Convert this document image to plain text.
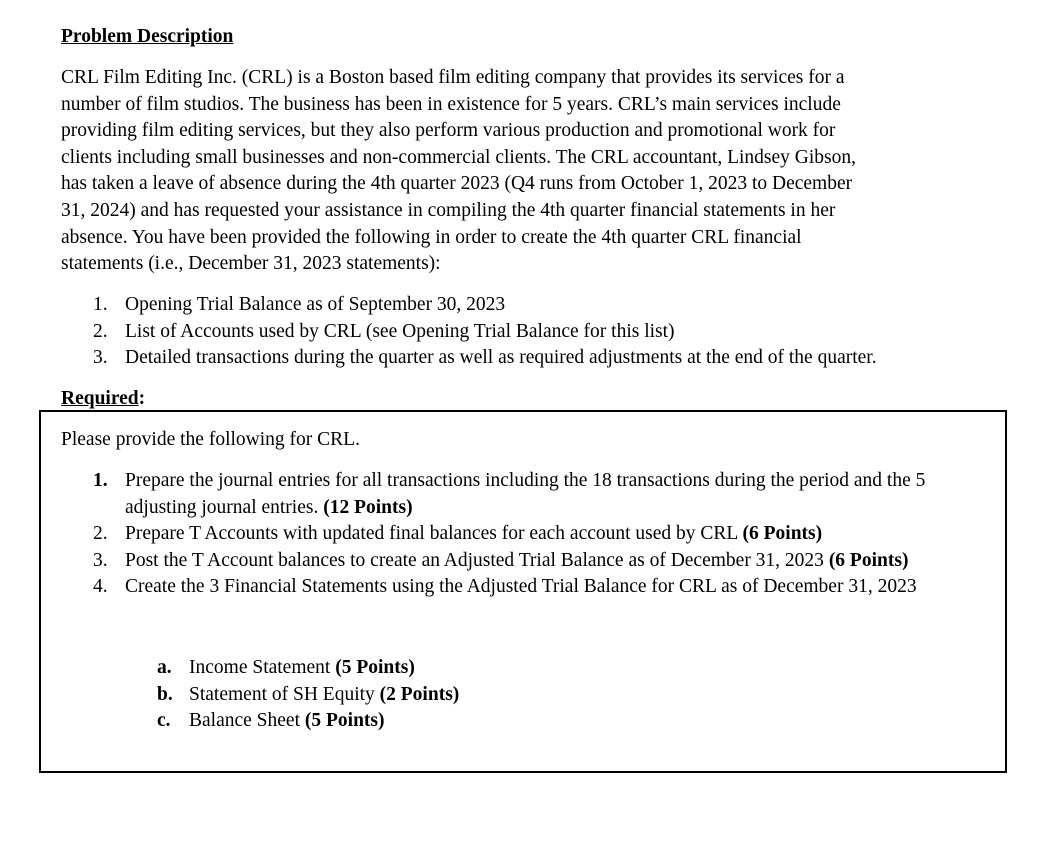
Problem Description
CRL Film Editing Inc. (CRL) is a Boston based film editing company that provides its services for a
number of film studios. The business has been in existence for 5 years. CRL’s main services include
providing film editing services, but they also perform various production and promotional work for
clients including small businesses and non-commercial clients. The CRL accountant, Lindsey Gibson,
has taken a leave of absence during the 4th quarter 2023 (Q4 runs from October 1, 2023 to December
31, 2024) and has requested your assistance in compiling the 4th quarter financial statements in her
absence. You have been provided the following in order to create the 4th quarter CRL financial
statements (i.e., December 31, 2023 statements):
1. Opening Trial Balance as of September 30, 2023
2. List of Accounts used by CRL (see Opening Trial Balance for this list)
3. Detailed transactions during the quarter as well as required adjustments at the end of the quarter.
Required:
Please provide the following for CRL.
1. Prepare the journal entries for all transactions including the 18 transactions during the period and the 5 adjusting journal entries. (12 Points)
2. Prepare T Accounts with updated final balances for each account used by CRL (6 Points)
3. Post the T Account balances to create an Adjusted Trial Balance as of December 31, 2023 (6 Points)
4. Create the 3 Financial Statements using the Adjusted Trial Balance for CRL as of December 31, 2023
a. Income Statement (5 Points)
b. Statement of SH Equity (2 Points)
c. Balance Sheet (5 Points)
